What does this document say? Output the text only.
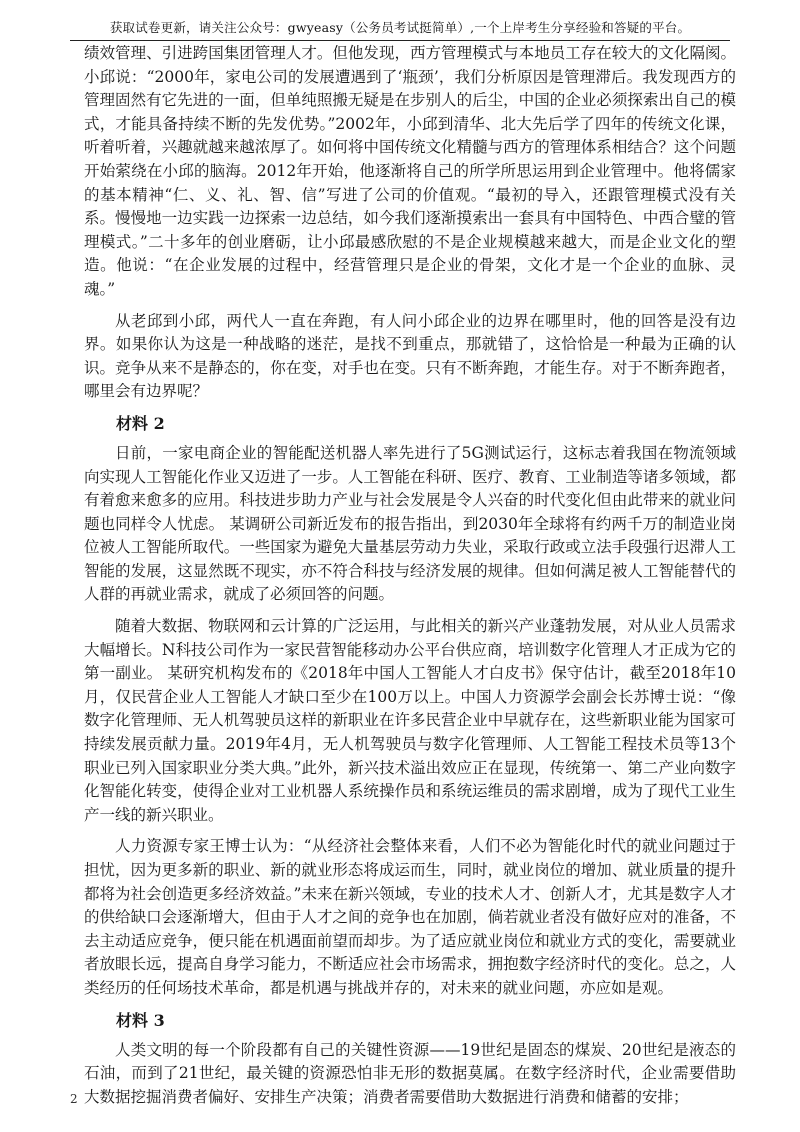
获取试卷更新，请关注公众号：gwyeasy（公务员考试挺简单）,一个上岸考生分享经验和答疑的平台。

绩效管理、引进跨国集团管理人才。但他发现，西方管理模式与本地员工存在较大的文化隔阂。小邱说：“2000年，家电公司的发展遭遇到了‘瓶颈’，我们分析原因是管理滞后。我发现西方的管理固然有它先进的一面，但单纯照搬无疑是在步别人的后尘，中国的企业必须探索出自己的模式，才能具备持续不断的先发优势。”2002年，小邱到清华、北大先后学了四年的传统文化课，听着听着，兴趣就越来越浓厚了。如何将中国传统文化精髓与西方的管理体系相结合？这个问题开始萦绕在小邱的脑海。2012年开始，他逐渐将自己的所学所思运用到企业管理中。他将儒家的基本精神“仁、义、礼、智、信”写进了公司的价值观。“最初的导入，还跟管理模式没有关系。慢慢地一边实践一边探索一边总结，如今我们逐渐摸索出一套具有中国特色、中西合璧的管理模式。”二十多年的创业磨砺，让小邱最感欣慰的不是企业规模越来越大，而是企业文化的塑造。他说：“在企业发展的过程中，经营管理只是企业的骨架，文化才是一个企业的血脉、灵魂。”

从老邱到小邱，两代人一直在奔跑，有人问小邱企业的边界在哪里时，他的回答是没有边界。如果你认为这是一种战略的迷茫，是找不到重点，那就错了，这恰恰是一种最为正确的认识。竞争从来不是静态的，你在变，对手也在变。只有不断奔跑，才能生存。对于不断奔跑者，哪里会有边界呢？

材料 2

日前，一家电商企业的智能配送机器人率先进行了5G测试运行，这标志着我国在物流领域向实现人工智能化作业又迈进了一步。人工智能在科研、医疗、教育、工业制造等诸多领域，都有着愈来愈多的应用。科技进步助力产业与社会发展是令人兴奋的时代变化但由此带来的就业问题也同样令人忧虑。 某调研公司新近发布的报告指出，到2030年全球将有约两千万的制造业岗位被人工智能所取代。一些国家为避免大量基层劳动力失业，采取行政或立法手段强行迟滞人工智能的发展，这显然既不现实，亦不符合科技与经济发展的规律。但如何满足被人工智能替代的人群的再就业需求，就成了必须回答的问题。

随着大数据、物联网和云计算的广泛运用，与此相关的新兴产业蓬勃发展，对从业人员需求大幅增长。N科技公司作为一家民营智能移动办公平台供应商，培训数字化管理人才正成为它的第一副业。 某研究机构发布的《2018年中国人工智能人才白皮书》保守估计，截至2018年10月，仅民营企业人工智能人才缺口至少在100万以上。中国人力资源学会副会长苏博士说：“像数字化管理师、无人机驾驶员这样的新职业在许多民营企业中早就存在，这些新职业能为国家可持续发展贡献力量。2019年4月，无人机驾驶员与数字化管理师、人工智能工程技术员等13个职业已列入国家职业分类大典。”此外，新兴技术溢出效应正在显现，传统第一、第二产业向数字化智能化转变，使得企业对工业机器人系统操作员和系统运维员的需求剧增，成为了现代工业生产一线的新兴职业。

人力资源专家王博士认为：“从经济社会整体来看，人们不必为智能化时代的就业问题过于担忧，因为更多新的职业、新的就业形态将成运而生，同时，就业岗位的增加、就业质量的提升都将为社会创造更多经济效益。”未来在新兴领域，专业的技术人才、创新人才，尤其是数字人才的供给缺口会逐渐增大，但由于人才之间的竞争也在加剧，倘若就业者没有做好应对的准备，不去主动适应竞争，便只能在机遇面前望而却步。为了适应就业岗位和就业方式的变化，需要就业者放眼长远，提高自身学习能力，不断适应社会市场需求，拥抱数字经济时代的变化。总之，人类经历的任何场技术革命，都是机遇与挑战并存的，对未来的就业问题，亦应如是观。

材料 3

人类文明的每一个阶段都有自己的关键性资源——19世纪是固态的煤炭、20世纪是液态的石油，而到了21世纪，最关键的资源恐怕非无形的数据莫属。在数字经济时代，企业需要借助大数据挖掘消费者偏好、安排生产决策；消费者需要借助大数据进行消费和储蓄的安排；

2
